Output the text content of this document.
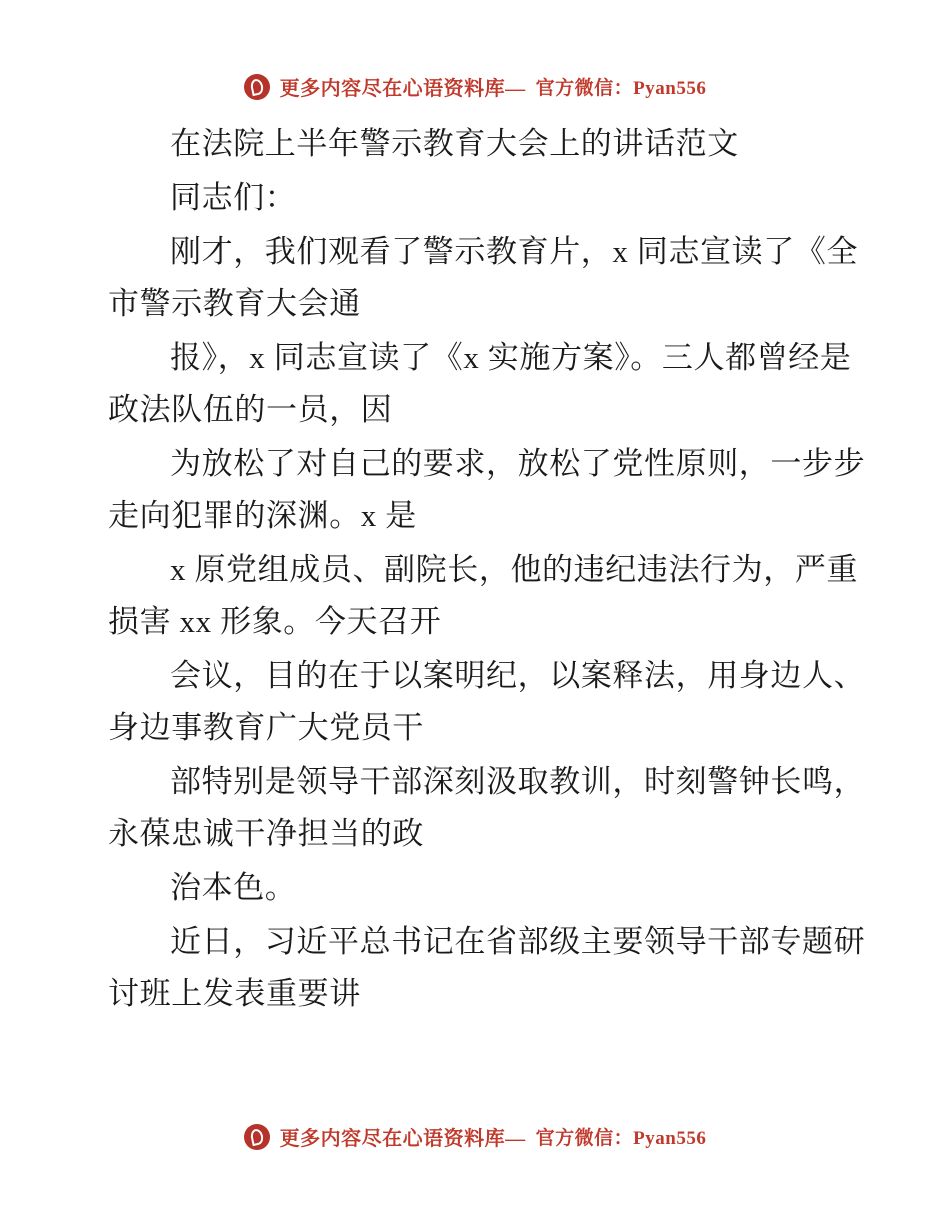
更多内容尽在心语资料库— 官方微信：Pyan556

在法院上半年警示教育大会上的讲话范文

同志们：

刚才，我们观看了警示教育片，x 同志宣读了《全市警示教育大会通

报》，x 同志宣读了《x 实施方案》。三人都曾经是政法队伍的一员，因

为放松了对自己的要求，放松了党性原则，一步步走向犯罪的深渊。x 是

x 原党组成员、副院长，他的违纪违法行为，严重损害 xx 形象。今天召开

会议，目的在于以案明纪，以案释法，用身边人、身边事教育广大党员干

部特别是领导干部深刻汲取教训，时刻警钟长鸣，永葆忠诚干净担当的政

治本色。

近日，习近平总书记在省部级主要领导干部专题研讨班上发表重要讲

更多内容尽在心语资料库— 官方微信：Pyan556
